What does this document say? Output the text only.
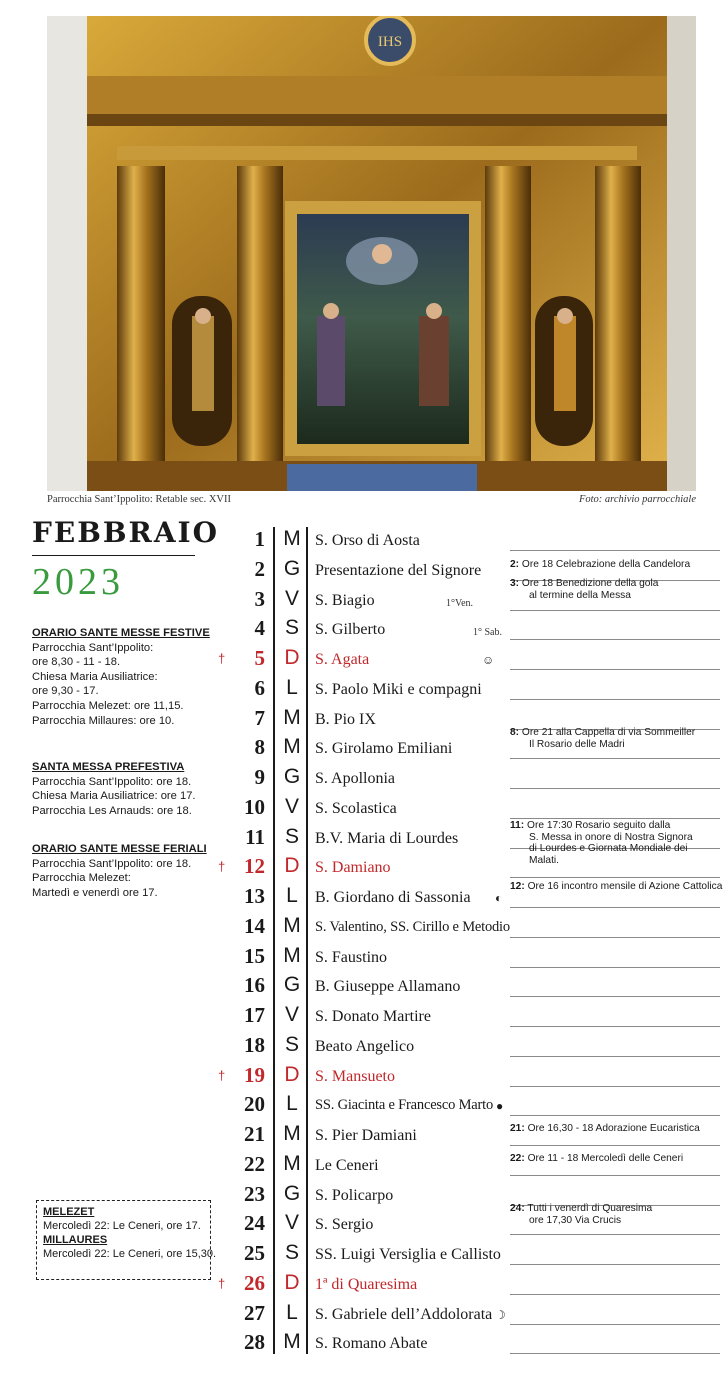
IHS
Parrocchia Sant’Ippolito: Retable sec. XVII	Foto: archivio parrocchiale
FEBBRAIO
2023
ORARIO SANTE MESSE FESTIVE
Parrocchia Sant’Ippolito:
ore 8,30 - 11 - 18.
Chiesa Maria Ausiliatrice:
ore 9,30 - 17.
Parrocchia Melezet: ore 11,15.
Parrocchia Millaures: ore 10.
SANTA MESSA PREFESTIVA
Parrocchia Sant’Ippolito: ore 18.
Chiesa Maria Ausiliatrice: ore 17.
Parrocchia Les Arnauds: ore 18.
ORARIO SANTE MESSE FERIALI
Parrocchia Sant’Ippolito: ore 18.
Parrocchia Melezet:
Martedì e venerdì ore 17.
MELEZET
Mercoledì 22: Le Ceneri, ore 17.
MILLAURES
Mercoledì 22: Le Ceneri, ore 15,30.
1 M S. Orso di Aosta
2 G Presentazione del Signore
3 V	S. Biagio	1°Ven.
4 S	S. Gilberto	1° Sab.
†	5 D S. Agata	☺
6	L	S. Paolo Miki e compagni
7 M B. Pio IX
8 M S. Girolamo Emiliani
9 G S. Apollonia
10 V	S. Scolastica
11 S	B.V. Maria di Lourdes
† 12 D S. Damiano
13	L	B. Giordano di Sassonia ◐
14 M S. Valentino, SS. Cirillo e Metodio
15 M S. Faustino
16 G B. Giuseppe Allamano
17 V	S. Donato Martire
18 S	Beato Angelico
† 19 D S. Mansueto
20	L	SS. Giacinta e Francesco Marto ●
21 M S. Pier Damiani
22 M Le Ceneri
23 G S. Policarpo
24 V	S. Sergio
25 S	SS. Luigi Versiglia e Callisto
† 26 D 1ª di Quaresima
27	L	S. Gabriele dell’Addolorata ☽
28 M S. Romano Abate
2: Ore 18 Celebrazione della Candelora
3: Ore 18 Benedizione della gola
al termine della Messa
8: Ore 21 alla Cappella di via Sommeiller
Il Rosario delle Madri
11: Ore 17:30 Rosario seguito dalla
S. Messa in onore di Nostra Signora
di Lourdes e Giornata Mondiale dei
Malati.
12: Ore 16 incontro mensile di Azione Cattolica
21: Ore 16,30 - 18 Adorazione Eucaristica
22: Ore 11 - 18 Mercoledì delle Ceneri
24: Tutti i venerdì di Quaresima
ore 17,30 Via Crucis
